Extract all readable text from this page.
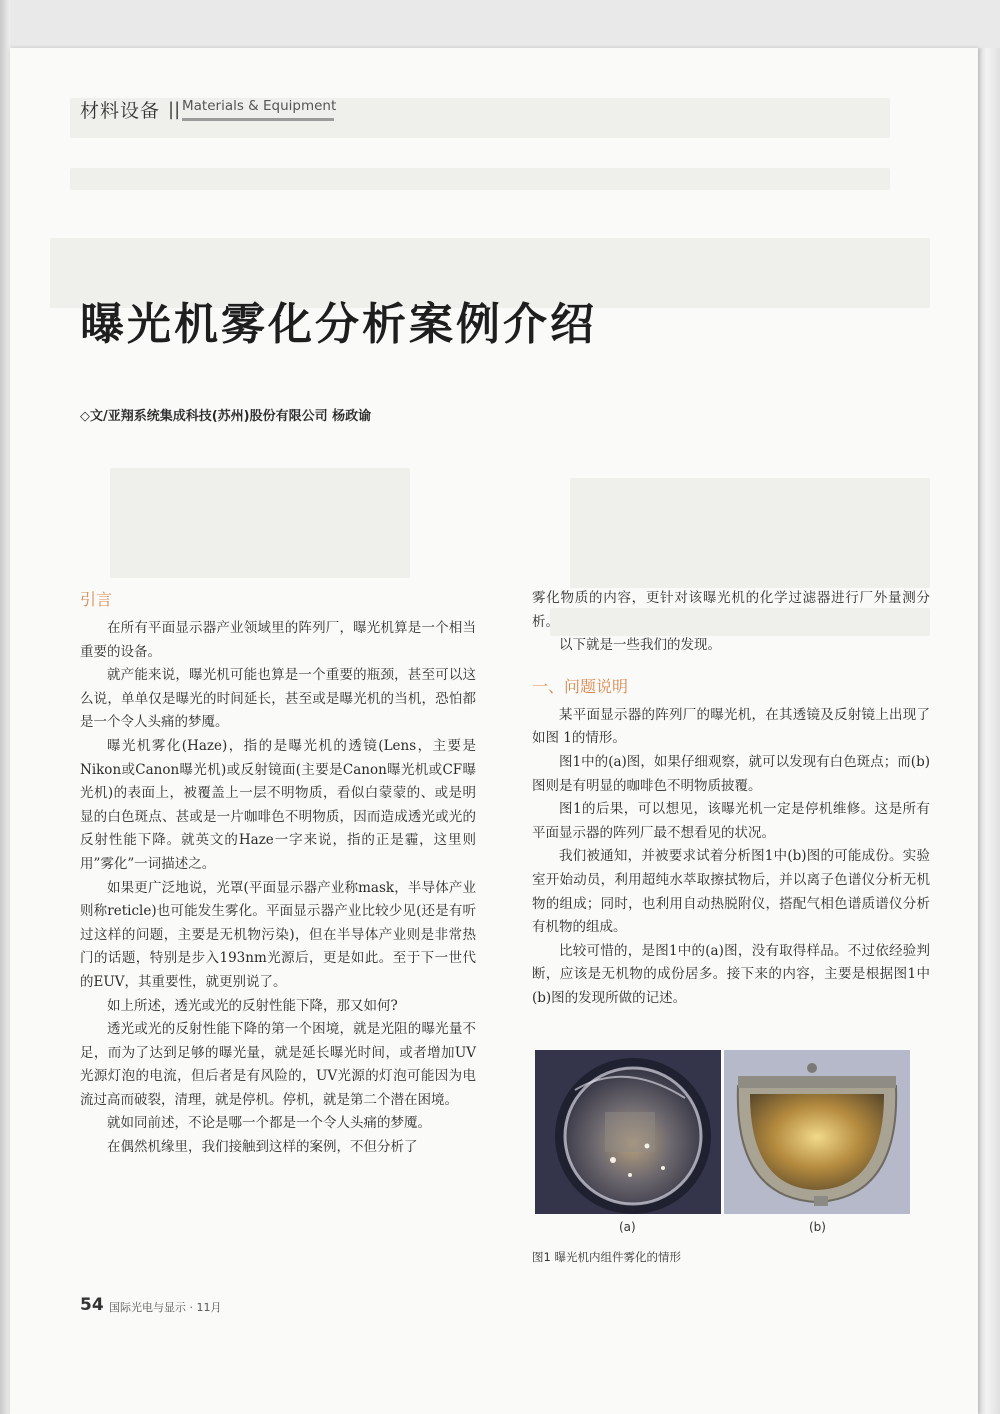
材料设备 || Materials & Equipment
曝光机雾化分析案例介绍
◇文/亚翔系统集成科技(苏州)股份有限公司 杨政谕
引言

在所有平面显示器产业领域里的阵列厂，曝光机算是一个相当重要的设备。

就产能来说，曝光机可能也算是一个重要的瓶颈，甚至可以这么说，单单仅是曝光的时间延长，甚至或是曝光机的当机，恐怕都是一个令人头痛的梦魇。

曝光机雾化(Haze)，指的是曝光机的透镜(Lens，主要是Nikon或Canon曝光机)或反射镜面(主要是Canon曝光机或CF曝光机)的表面上，被覆盖上一层不明物质，看似白蒙蒙的、或是明显的白色斑点、甚或是一片咖啡色不明物质，因而造成透光或光的反射性能下降。就英文的Haze一字来说，指的正是霾，这里则用”雾化”一词描述之。

如果更广泛地说，光罩(平面显示器产业称mask，半导体产业则称reticle)也可能发生雾化。平面显示器产业比较少见(还是有听过这样的问题，主要是无机物污染)，但在半导体产业则是非常热门的话题，特别是步入193nm光源后，更是如此。至于下一世代的EUV，其重要性，就更别说了。

如上所述，透光或光的反射性能下降，那又如何?

透光或光的反射性能下降的第一个困境，就是光阻的曝光量不足，而为了达到足够的曝光量，就是延长曝光时间，或者增加UV光源灯泡的电流，但后者是有风险的，UV光源的灯泡可能因为电流过高而破裂，清理，就是停机。停机，就是第二个潜在困境。

就如同前述，不论是哪一个都是一个令人头痛的梦魇。

在偶然机缘里，我们接触到这样的案例，不但分析了

雾化物质的内容，更针对该曝光机的化学过滤器进行厂外量测分析。

以下就是一些我们的发现。

一、问题说明

某平面显示器的阵列厂的曝光机，在其透镜及反射镜上出现了如图 1的情形。

图1中的(a)图，如果仔细观察，就可以发现有白色斑点；而(b)图则是有明显的咖啡色不明物质披覆。

图1的后果，可以想见，该曝光机一定是停机维修。这是所有平面显示器的阵列厂最不想看见的状况。

我们被通知，并被要求试着分析图1中(b)图的可能成份。实验室开始动员，利用超纯水萃取擦拭物后，并以离子色谱仪分析无机物的组成；同时，也利用自动热脱附仪，搭配气相色谱质谱仪分析有机物的组成。

比较可惜的，是图1中的(a)图，没有取得样品。不过依经验判断，应该是无机物的成份居多。接下来的内容，主要是根据图1中(b)图的发现所做的记述。

(a)	(b)
图1 曝光机内组件雾化的情形
54 国际光电与显示 · 11月
